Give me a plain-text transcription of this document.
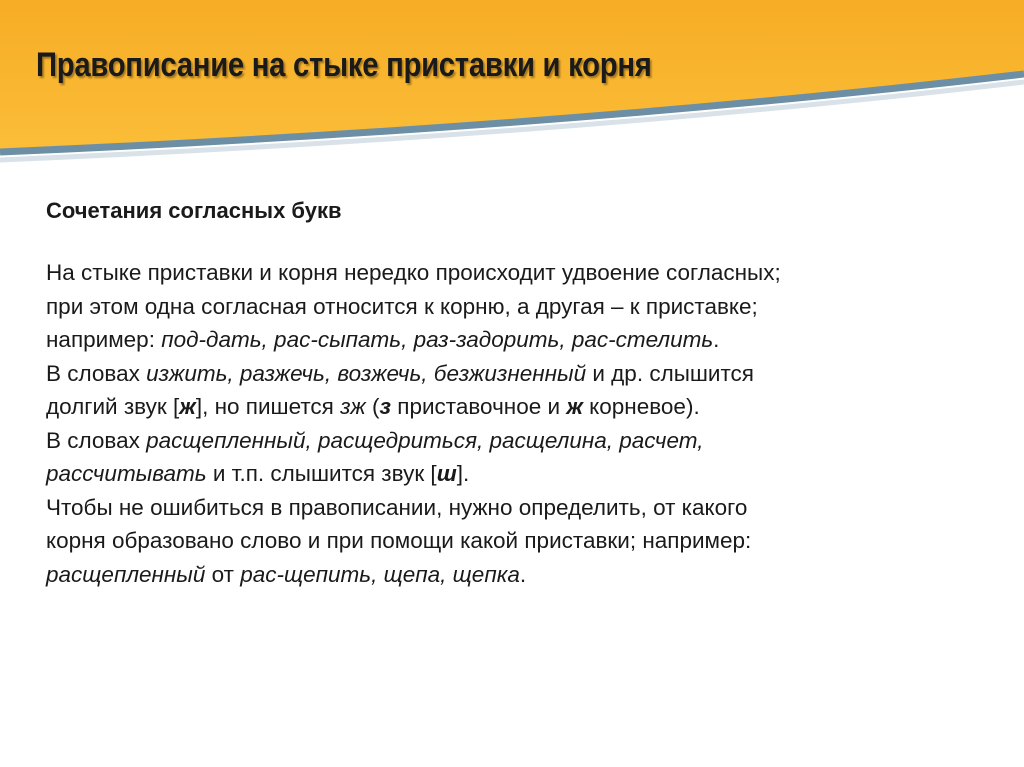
Правописание на стыке приставки и корня

Сочетания согласных букв

На стыке приставки и корня нередко происходит удвоение согласных;
при этом одна согласная относится к корню, а другая – к приставке;
например: под-дать, рас-сыпать, раз-задорить, рас-стелить.
В словах изжить, разжечь, возжечь, безжизненный и др. слышится
долгий звук [ж], но пишется зж (з приставочное и ж корневое).
В словах расщепленный, расщедриться, расщелина, расчет,
рассчитывать и т.п. слышится звук [ш].
Чтобы не ошибиться в правописании, нужно определить, от какого
корня образовано слово и при помощи какой приставки; например:
расщепленный от рас-щепить, щепа, щепка.
